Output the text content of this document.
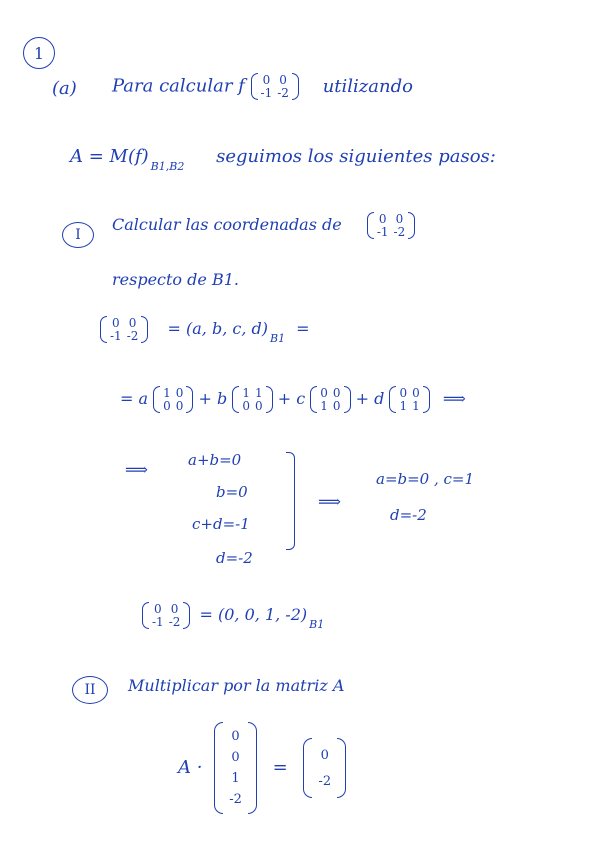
1
(a) Para calcular f 0 0
-1 -2 utilizando
A = M(f) $_{B1,B2}$ seguimos los siguientes pasos:
I
Calcular las coordenadas de	0 0
-1 -2
respecto de B1.
0 0
-1 -2 = (a, b, c, $d)_{B1}$ =
= a 1 0
0 0 + b 1 1
0 0 + c 0 0
1 0 + d 0 0
1 1 ⟹
⟹	a+b=0
b=0
c+d=-1
d=-2
⟹
a=b=0 , c=1
d=-2
0 0
-1 -2 = (0, 0, 1, $-2)_{B1}$
II Multiplicar por la matriz A
A ·
0
0
1
-2
=
0
-2
